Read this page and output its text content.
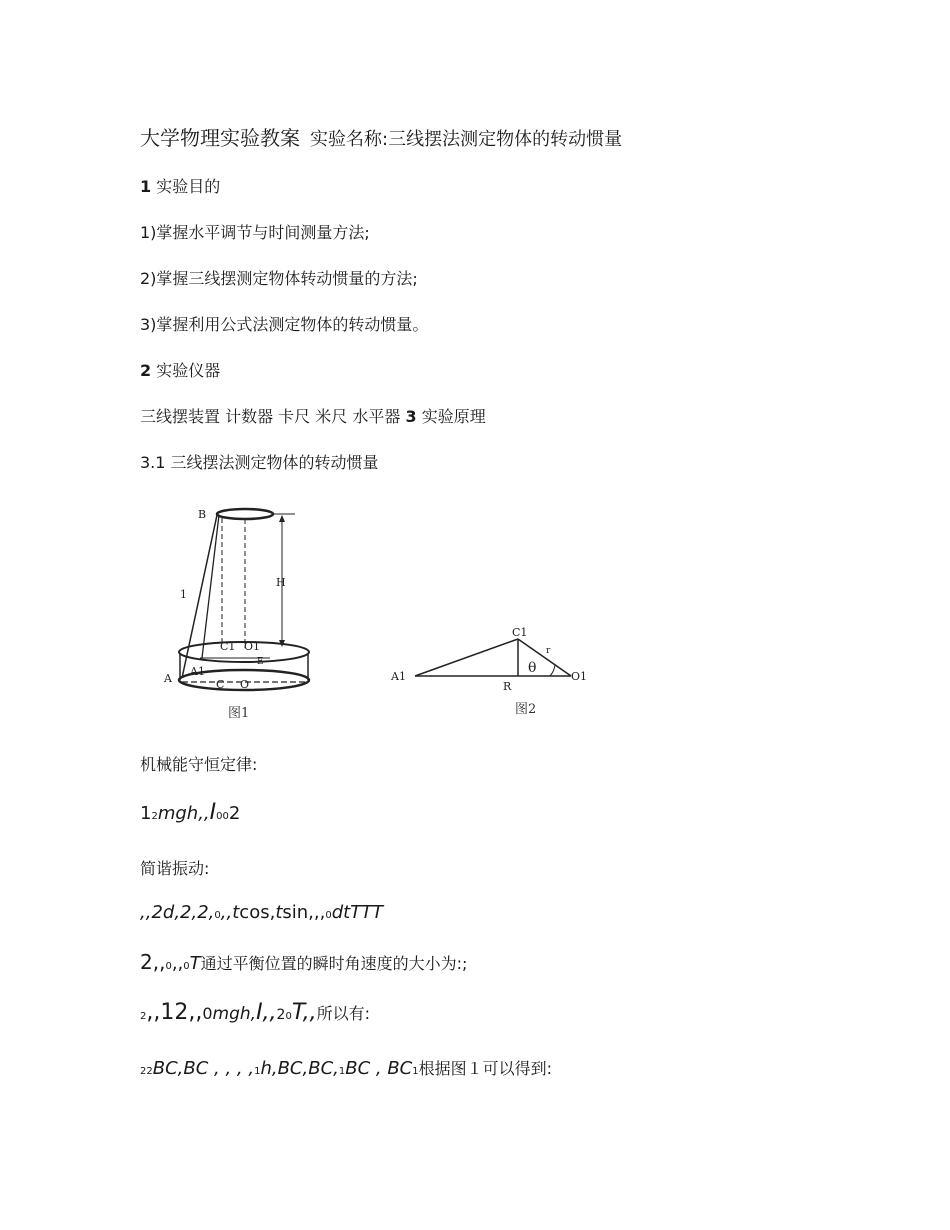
大学物理实验教案 实验名称:三线摆法测定物体的转动惯量
1 实验目的
1)掌握水平调节与时间测量方法;
2)掌握三线摆测定物体转动惯量的方法;
3)掌握利用公式法测定物体的转动惯量。
2 实验仪器
三线摆装置 计数器 卡尺 米尺 水平器 3 实验原理
3.1 三线摆法测定物体的转动惯量
B
H
1
C1 O1
E
A1
A	C O
图1
C1
r
θ
A1
R
O1
图2
机械能守恒定律:
12mgh,,I002
简谐振动:
,,2d,2,2,0,,tcos,tsin,,,0dtTTT
2,,0,,0T通过平衡位置的瞬时角速度的大小为:;
2,,12,,0mgh,I,,20T,,所以有:
22BC,BC , , , ,1h,BC,BC,1BC , BC1根据图１可以得到:
